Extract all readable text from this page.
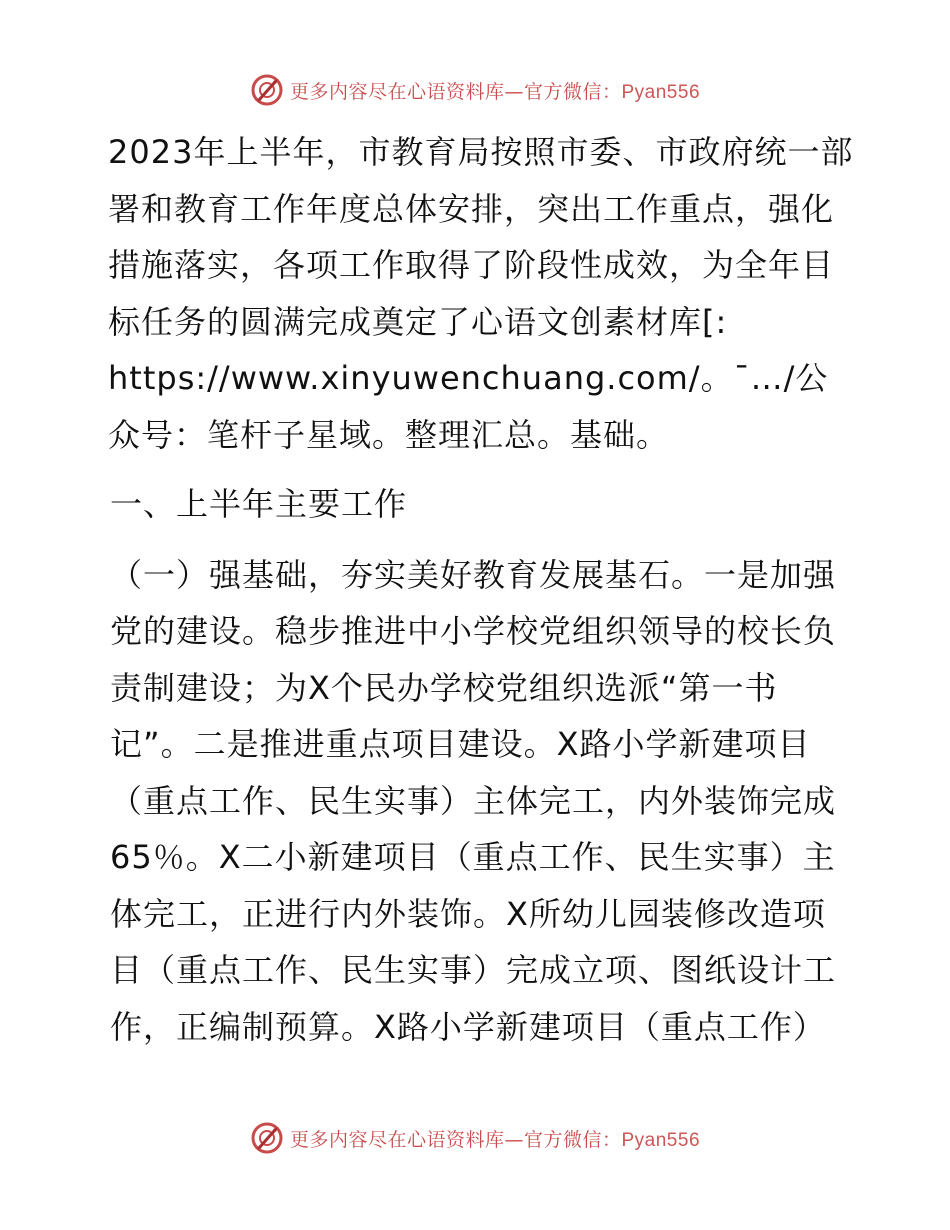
更多内容尽在心语资料库—官方微信：Pyan556

2023年上半年，市教育局按照市委、市政府统一部署和教育工作年度总体安排，突出工作重点，强化措施落实，各项工作取得了阶段性成效，为全年目标任务的圆满完成奠定了心语文创素材库[:
https://www.xinyuwenchuang.com/。¯…/公众号：笔杆子星域。整理汇总。基础。

一、上半年主要工作

（一）强基础，夯实美好教育发展基石。一是加强党的建设。稳步推进中小学校党组织领导的校长负责制建设；为X个民办学校党组织选派“第一书记”。二是推进重点项目建设。X路小学新建项目（重点工作、民生实事）主体完工，内外装饰完成65％。X二小新建项目（重点工作、民生实事）主体完工，正进行内外装饰。X所幼儿园装修改造项目（重点工作、民生实事）完成立项、图纸设计工作，正编制预算。X路小学新建项目（重点工作）

更多内容尽在心语资料库—官方微信：Pyan556
